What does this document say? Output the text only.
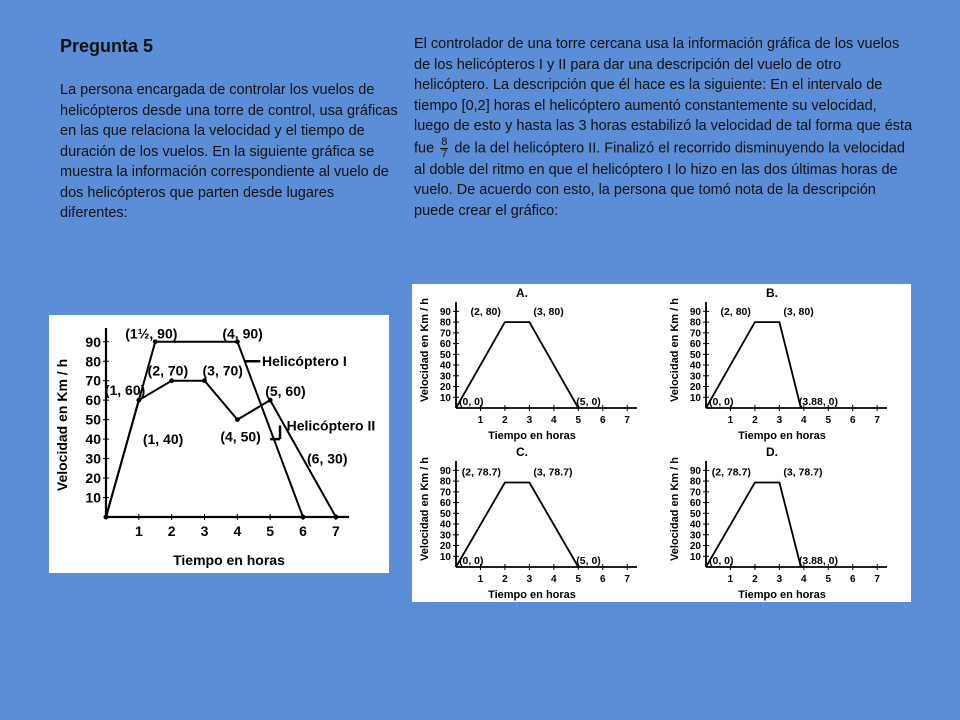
Pregunta 5
La persona encargada de controlar los vuelos de helicópteros desde una torre de control, usa gráficas en las que relaciona la velocidad y el tiempo de duración de los vuelos. En la siguiente gráfica se muestra la información correspondiente al vuelo de dos helicópteros que parten desde lugares diferentes:
El controlador de una torre cercana usa la información gráfica de los vuelos de los helicópteros I y II para dar una descripción del vuelo de otro helicóptero. La descripción que él hace es la siguiente: En el intervalo de tiempo [0,2] horas el helicóptero aumentó constantemente su velocidad, luego de esto y hasta las 3 horas estabilizó la velocidad de tal forma que ésta fue $\frac{8}{7}$ de la del helicóptero II. Finalizó el recorrido disminuyendo la velocidad al doble del ritmo en que el helicóptero I lo hizo en las dos últimas horas de vuelo. De acuerdo con esto, la persona que tomó nota de la descripción puede crear el gráfico:
10
20
30
40
50
60
70
80
90
1 2 3 4 5 6 7
Tiempo en horas
Velocidad en Km / h
(1½, 90)	(4, 90)
(2, 70) (3, 70)
(1, 60)	(5, 60)
(4, 50)
(1, 40)
(6, 30)
Helicóptero I
Helicóptero II
10
20
30
40
50
60
70
80
90
1 2 3 4 5 6 7
Tiempo en horas
Velocidad en Km / h
A.
(2, 80)	(3, 80)
(0, 0)	(5, 0)	10
20
30
40
50
60
70
80
90
1 2 3 4 5 6 7
Tiempo en horas
Velocidad en Km / h
B.
(2, 80)	(3, 80)
(0, 0)	(3.88, 0)
10
20
30
40
50
60
70
80
90
1 2 3 4 5 6 7
Tiempo en horas
Velocidad en Km / h
C.
(2, 78.7)	(3, 78.7)
(0, 0)	(5, 0)	10
20
30
40
50
60
70
80
90
1 2 3 4 5 6 7
Tiempo en horas
Velocidad en Km / h
D.
(2, 78.7)	(3, 78.7)
(0, 0)	(3.88, 0)
